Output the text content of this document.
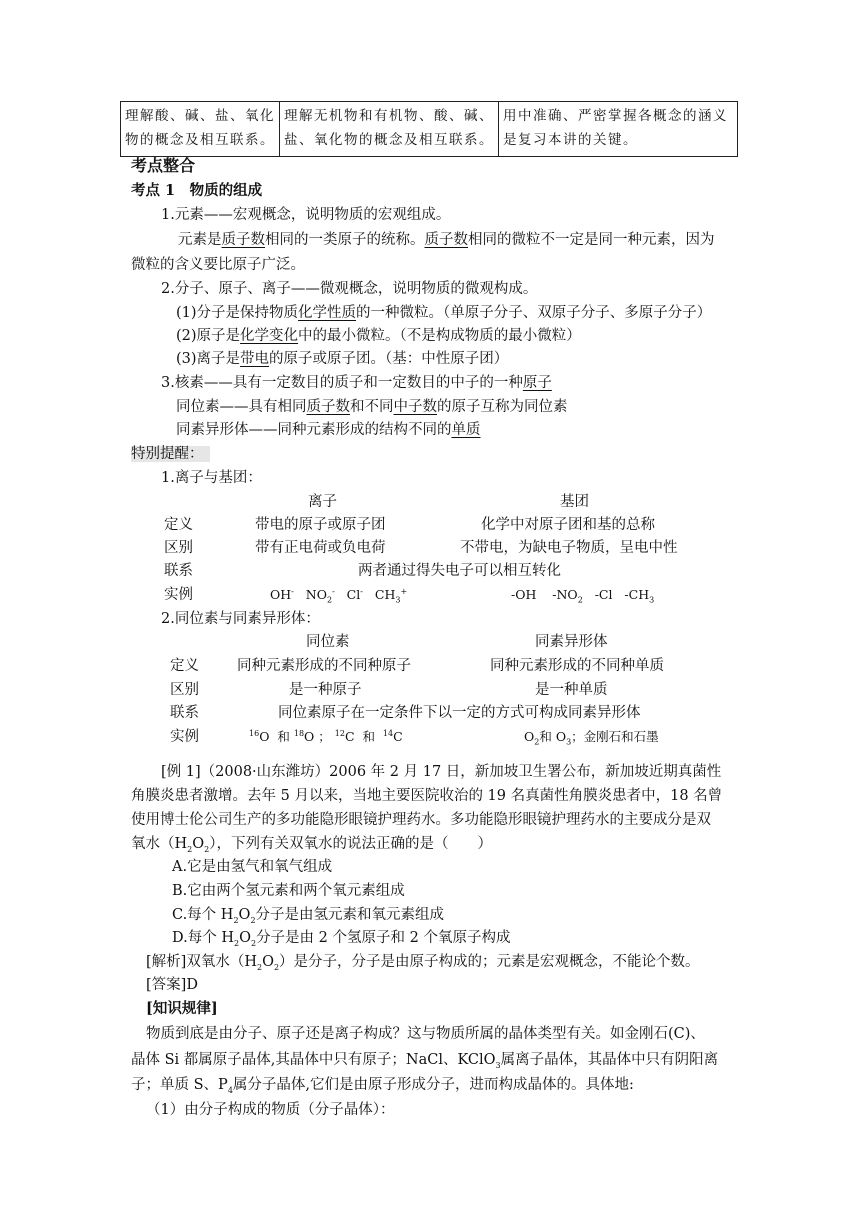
理解酸、碱、盐、氧化物的概念及相互联系。	理解无机物和有机物、酸、碱、盐、氧化物的概念及相互联系。	用中准确、严密掌握各概念的涵义是复习本讲的关键。
考点整合
考点 1　物质的组成
1.元素——宏观概念，说明物质的宏观组成。
元素是质子数相同的一类原子的统称。质子数相同的微粒不一定是同一种元素，因为
微粒的含义要比原子广泛。
2.分子、原子、离子——微观概念，说明物质的微观构成。
(1)分子是保持物质化学性质的一种微粒。（单原子分子、双原子分子、多原子分子）
(2)原子是化学变化中的最小微粒。（不是构成物质的最小微粒）
(3)离子是带电的原子或原子团。（基：中性原子团）
3.核素——具有一定数目的质子和一定数目的中子的一种原子
同位素——具有相同质子数和不同中子数的原子互称为同位素
同素异形体——同种元素形成的结构不同的单质
特别提醒：
1.离子与基团：
离子	基团
定义	带电的原子或原子团	化学中对原子团和基的总称
区别	带有正电荷或负电荷	不带电，为缺电子物质，呈电中性
联系	两者通过得失电子可以相互转化
实例	OH-   $NO_2^-$   Cl-   $CH_3^+$	-OH    $-NO_2$   -Cl   $-CH_3$
2.同位素与同素异形体：
同位素	同素异形体
定义	同种元素形成的不同种原子	同种元素形成的不同种单质
区别	是一种原子	是一种单质
联系	同位素原子在一定条件下以一定的方式可构成同素异形体
实例	$^{16}$O  和 $^{18}$O ； $^{12}$C  和  $^{14}$C	$O_2$和 $O_3$；金刚石和石墨
[例 1]（2008·山东潍坊）2006 年 2 月 17 日，新加坡卫生署公布，新加坡近期真菌性
角膜炎患者激增。去年 5 月以来，当地主要医院收治的 19 名真菌性角膜炎患者中，18 名曾
使用博士伦公司生产的多功能隐形眼镜护理药水。多功能隐形眼镜护理药水的主要成分是双
氧水$(H_2O_2)$，下列有关双氧水的说法正确的是（　　）
A.它是由氢气和氧气组成
B.它由两个氢元素和两个氧元素组成
C.每个 $H_2O_2$分子是由氢元素和氧元素组成
D.每个 $H_2O_2$分子是由 2 个氢原子和 2 个氧原子构成
[解析]双氧水$(H_2O_2)$是分子，分子是由原子构成的；元素是宏观概念，不能论个数。
[答案]D
[知识规律]
物质到底是由分子、原子还是离子构成？这与物质所属的晶体类型有关。如金刚石(C)、
晶体 Si 都属原子晶体,其晶体中只有原子；NaCl、KClO$_3$属离子晶体，其晶体中只有阴阳离
子；单质 S、$P_4$属分子晶体,它们是由原子形成分子，进而构成晶体的。具体地:
（1）由分子构成的物质（分子晶体）：
